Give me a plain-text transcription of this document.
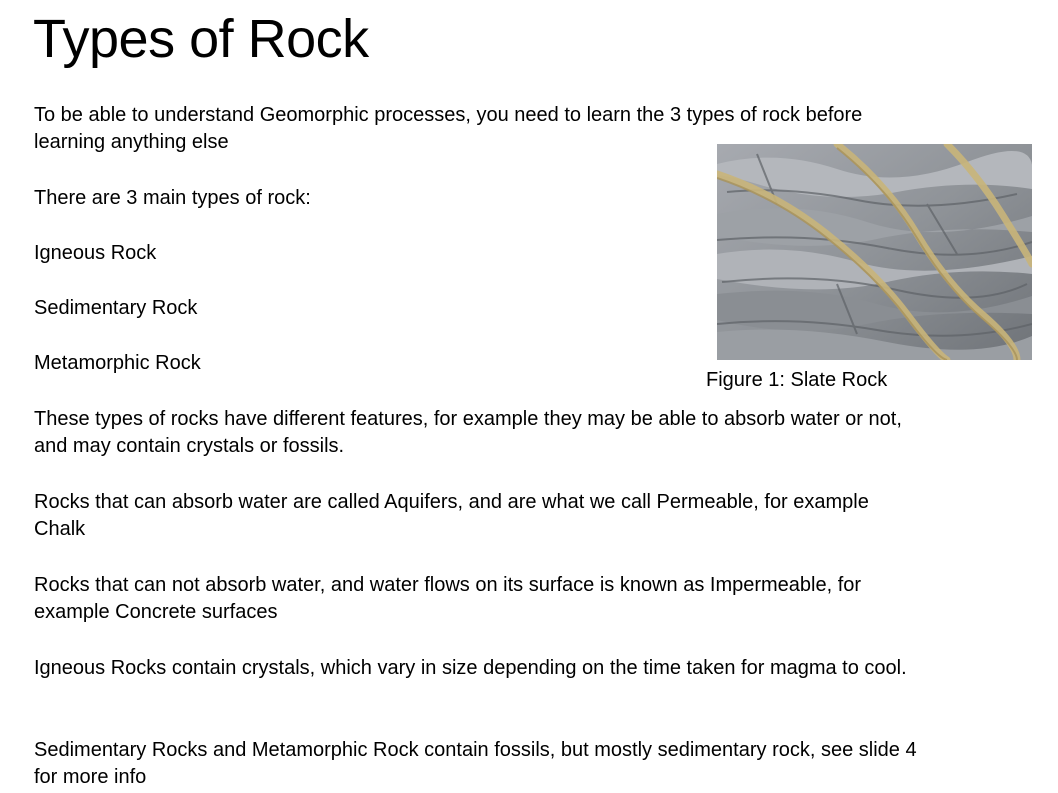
Types of Rock

To be able to understand Geomorphic processes, you need to learn the 3 types of rock before learning anything else

There are 3 main types of rock:

Igneous Rock

Sedimentary Rock

Metamorphic Rock

Figure 1: Slate Rock

These types of rocks have different features, for example they may be able to absorb water or not, and may contain crystals or fossils.

Rocks that can absorb water are called Aquifers, and are what we call Permeable, for example Chalk

Rocks that can not absorb water, and water flows on its surface is known as Impermeable, for example Concrete surfaces

Igneous Rocks contain crystals, which vary in size depending on the time taken for magma to cool.

Sedimentary Rocks and Metamorphic Rock contain fossils, but mostly sedimentary rock, see slide 4 for more info
